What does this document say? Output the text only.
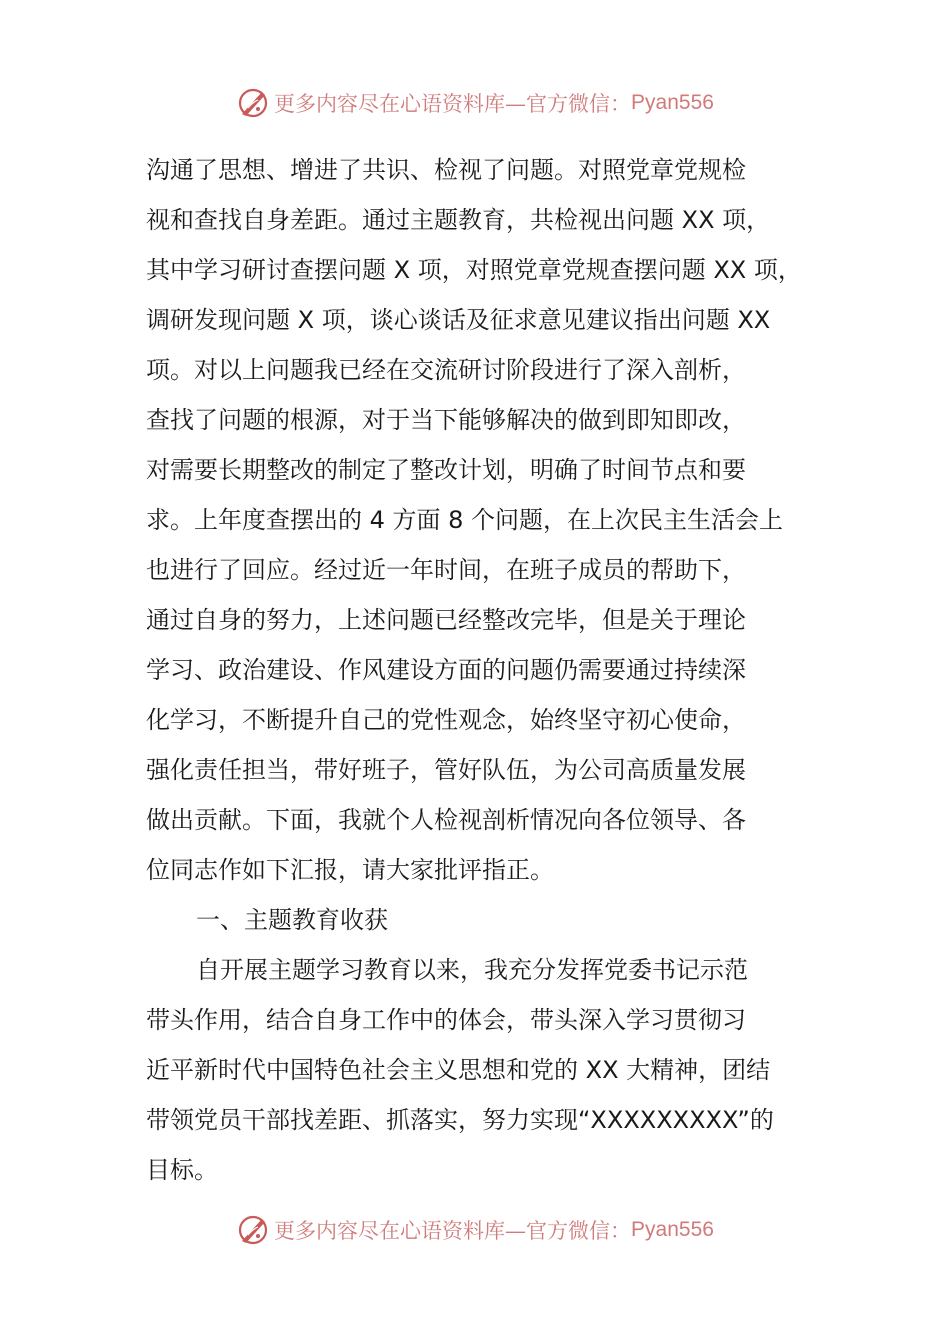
更多内容尽在心语资料库—官方微信： Pyan556
沟通了思想、增进了共识、检视了问题。对照党章党规检
视和查找自身差距。通过主题教育，共检视出问题 XX 项，
其中学习研讨查摆问题 X 项，对照党章党规查摆问题 XX 项，
调研发现问题 X 项，谈心谈话及征求意见建议指出问题 XX
项。对以上问题我已经在交流研讨阶段进行了深入剖析，
查找了问题的根源，对于当下能够解决的做到即知即改，
对需要长期整改的制定了整改计划，明确了时间节点和要
求。上年度查摆出的 4 方面 8 个问题，在上次民主生活会上
也进行了回应。经过近一年时间，在班子成员的帮助下，
通过自身的努力，上述问题已经整改完毕，但是关于理论
学习、政治建设、作风建设方面的问题仍需要通过持续深
化学习，不断提升自己的党性观念，始终坚守初心使命，
强化责任担当，带好班子，管好队伍，为公司高质量发展
做出贡献。下面，我就个人检视剖析情况向各位领导、各
位同志作如下汇报，请大家批评指正。
一、主题教育收获
自开展主题学习教育以来，我充分发挥党委书记示范
带头作用，结合自身工作中的体会，带头深入学习贯彻习
近平新时代中国特色社会主义思想和党的 XX 大精神，团结
带领党员干部找差距、抓落实，努力实现“XXXXXXXXX”的
目标。
更多内容尽在心语资料库—官方微信： Pyan556
